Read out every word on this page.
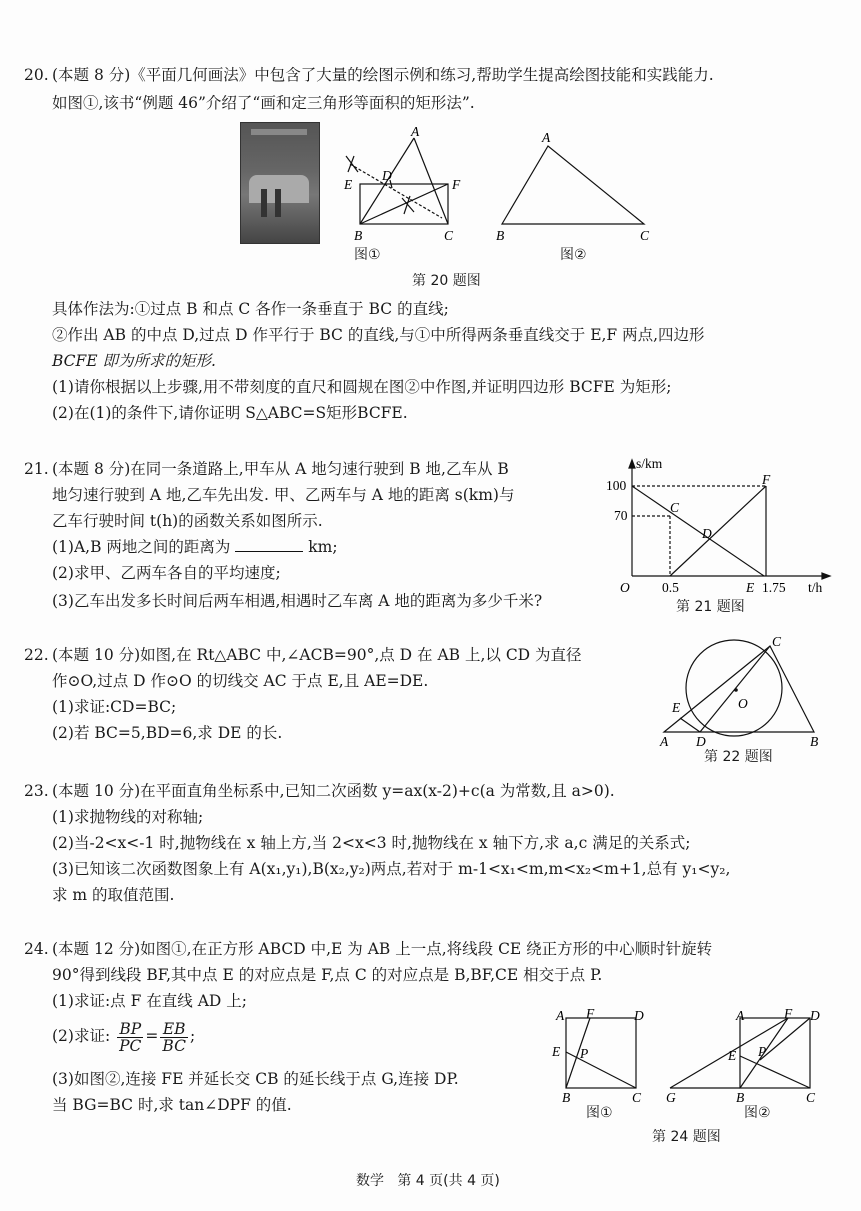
20. (本题 8 分)《平面几何画法》中包含了大量的绘图示例和练习,帮助学生提高绘图技能和实践能力.
如图①,该书“例题 46”介绍了“画和定三角形等面积的矩形法”.
A
E
D
F
B	C
图①
A
B	C
图②
第 20 题图
具体作法为:①过点 B 和点 C 各作一条垂直于 BC 的直线;
②作出 AB 的中点 D,过点 D 作平行于 BC 的直线,与①中所得两条垂直线交于 E,F 两点,四边形
BCFE 即为所求的矩形.
(1)请你根据以上步骤,用不带刻度的直尺和圆规在图②中作图,并证明四边形 BCFE 为矩形;
(2)在(1)的条件下,请你证明 S△ABC=S矩形BCFE.
21. (本题 8 分)在同一条道路上,甲车从 A 地匀速行驶到 B 地,乙车从 B
地匀速行驶到 A 地,乙车先出发. 甲、乙两车与 A 地的距离 s(km)与
乙车行驶时间 t(h)的函数关系如图所示.
(1)A,B 两地之间的距离为	km;
(2)求甲、乙两车各自的平均速度;
(3)乙车出发多长时间后两车相遇,相遇时乙车离 A 地的距离为多少千米?
s/km
t/h
100
70
0.5	1.75
O
C
D
F
E
第 21 题图
22. (本题 10 分)如图,在 Rt△ABC 中,∠ACB=90°,点 D 在 AB 上,以 CD 为直径
作⊙O,过点 D 作⊙O 的切线交 AC 于点 E,且 AE=DE.
(1)求证:CD=BC;
(2)若 BC=5,BD=6,求 DE 的长.	A D	B
C
E	O
第 22 题图
23. (本题 10 分)在平面直角坐标系中,已知二次函数 y=ax(x-2)+c(a 为常数,且 a>0).
(1)求抛物线的对称轴;
(2)当-2<x<-1 时,抛物线在 x 轴上方,当 2<x<3 时,抛物线在 x 轴下方,求 a,c 满足的关系式;
(3)已知该二次函数图象上有 A(x₁,y₁),B(x₂,y₂)两点,若对于 m-1<x₁<m,m<x₂<m+1,总有 y₁<y₂,
求 m 的取值范围.
24. (本题 12 分)如图①,在正方形 ABCD 中,E 为 AB 上一点,将线段 CE 绕正方形的中心顺时针旋转
90°得到线段 BF,其中点 E 的对应点是 F,点 C 的对应点是 B,BF,CE 相交于点 P.
(1)求证:点 F 在直线 AD 上;
(2)求证: $\frac{BP}{PC} = \frac{EB}{BC}$ ;
(3)如图②,连接 FE 并延长交 CB 的延长线于点 G,连接 DP.
当 BG=BC 时,求 tan∠DPF 的值.
A F	D
E P
B	C
图①
A	F D
E P
G	B	C
图②
第 24 题图
数学   第 4 页(共 4 页)
